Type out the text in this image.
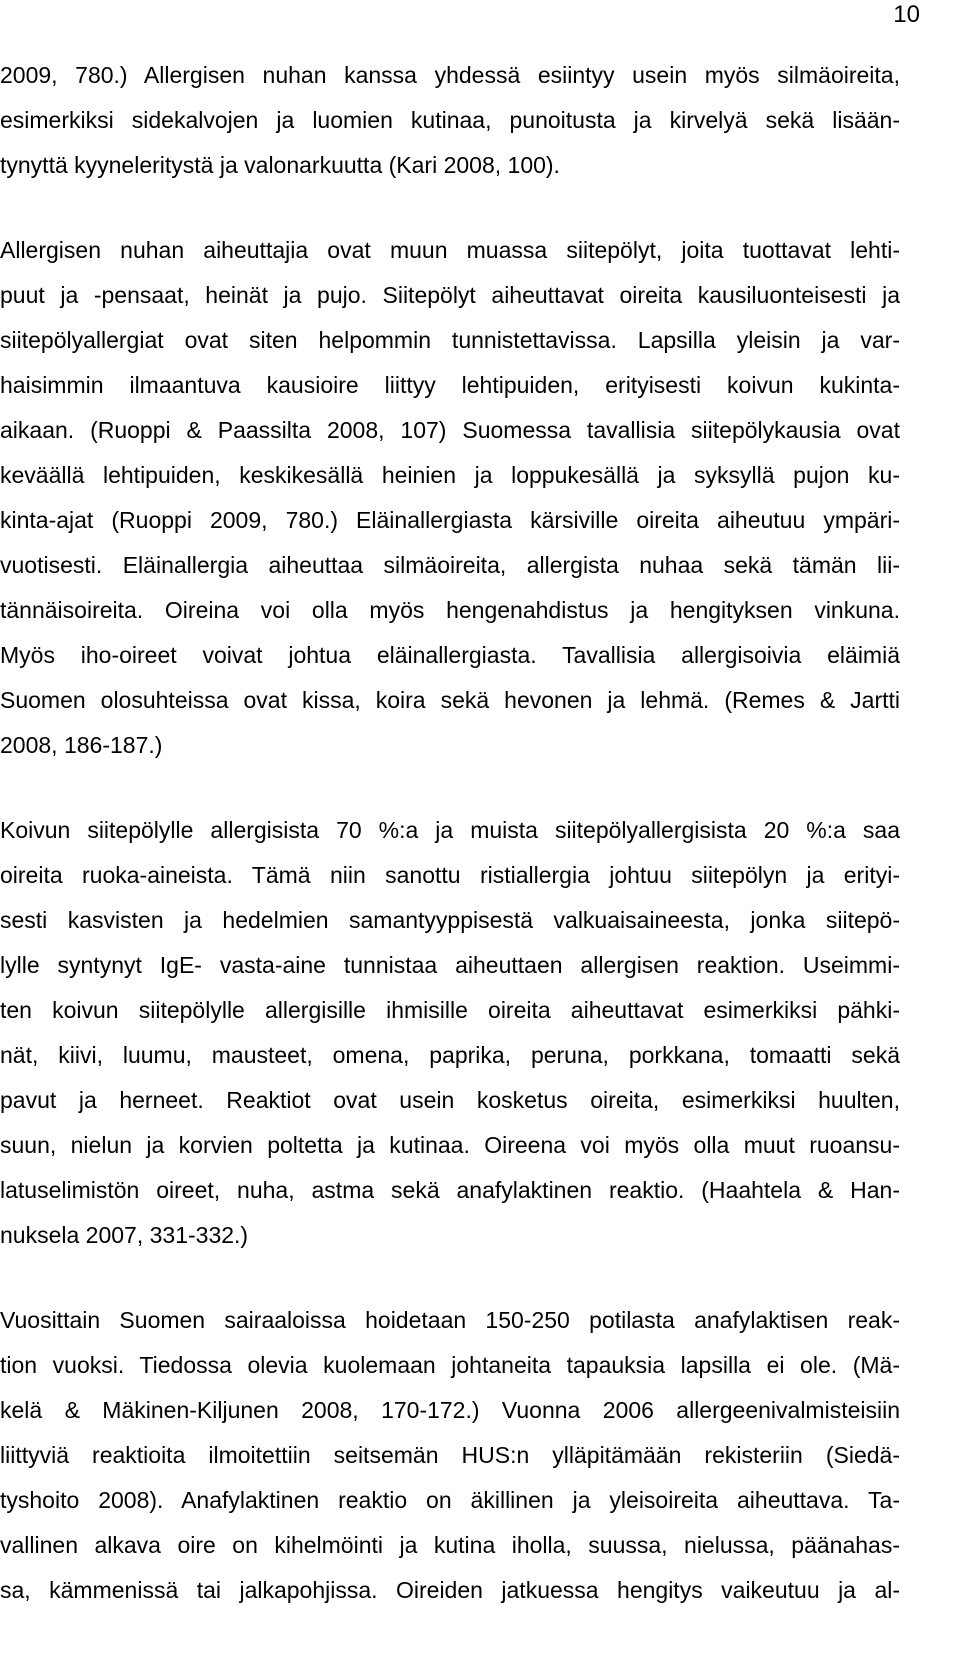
10
2009, 780.) Allergisen nuhan kanssa yhdessä esiintyy usein myös silmäoireita,
esimerkiksi sidekalvojen ja luomien kutinaa, punoitusta ja kirvelyä sekä lisään-
tynyttä kyyneleritystä ja valonarkuutta (Kari 2008, 100).
Allergisen nuhan aiheuttajia ovat muun muassa siitepölyt, joita tuottavat lehti-
puut ja -pensaat, heinät ja pujo. Siitepölyt aiheuttavat oireita kausiluonteisesti ja
siitepölyallergiat ovat siten helpommin tunnistettavissa. Lapsilla yleisin ja var-
haisimmin ilmaantuva kausioire liittyy lehtipuiden, erityisesti koivun kukinta-
aikaan. (Ruoppi & Paassilta 2008, 107) Suomessa tavallisia siitepölykausia ovat
keväällä lehtipuiden, keskikesällä heinien ja loppukesällä ja syksyllä pujon ku-
kinta-ajat (Ruoppi 2009, 780.) Eläinallergiasta kärsiville oireita aiheutuu ympäri-
vuotisesti. Eläinallergia aiheuttaa silmäoireita, allergista nuhaa sekä tämän lii-
tännäisoireita. Oireina voi olla myös hengenahdistus ja hengityksen vinkuna.
Myös iho-oireet voivat johtua eläinallergiasta. Tavallisia allergisoivia eläimiä
Suomen olosuhteissa ovat kissa, koira sekä hevonen ja lehmä. (Remes & Jartti
2008, 186-187.)
Koivun siitepölylle allergisista 70 %:a ja muista siitepölyallergisista 20 %:a saa
oireita ruoka-aineista. Tämä niin sanottu ristiallergia johtuu siitepölyn ja erityi-
sesti kasvisten ja hedelmien samantyyppisestä valkuaisaineesta, jonka siitepö-
lylle syntynyt IgE- vasta-aine tunnistaa aiheuttaen allergisen reaktion. Useimmi-
ten koivun siitepölylle allergisille ihmisille oireita aiheuttavat esimerkiksi pähki-
nät, kiivi, luumu, mausteet, omena, paprika, peruna, porkkana, tomaatti sekä
pavut ja herneet. Reaktiot ovat usein kosketus oireita, esimerkiksi huulten,
suun, nielun ja korvien poltetta ja kutinaa. Oireena voi myös olla muut ruoansu-
latuselimistön oireet, nuha, astma sekä anafylaktinen reaktio. (Haahtela & Han-
nuksela 2007, 331-332.)
Vuosittain Suomen sairaaloissa hoidetaan 150-250 potilasta anafylaktisen reak-
tion vuoksi. Tiedossa olevia kuolemaan johtaneita tapauksia lapsilla ei ole. (Mä-
kelä & Mäkinen-Kiljunen 2008, 170-172.) Vuonna 2006 allergeenivalmisteisiin
liittyviä reaktioita ilmoitettiin seitsemän HUS:n ylläpitämään rekisteriin (Siedä-
tyshoito 2008). Anafylaktinen reaktio on äkillinen ja yleisoireita aiheuttava. Ta-
vallinen alkava oire on kihelmöinti ja kutina iholla, suussa, nielussa, päänahas-
sa, kämmenissä tai jalkapohjissa. Oireiden jatkuessa hengitys vaikeutuu ja al-
